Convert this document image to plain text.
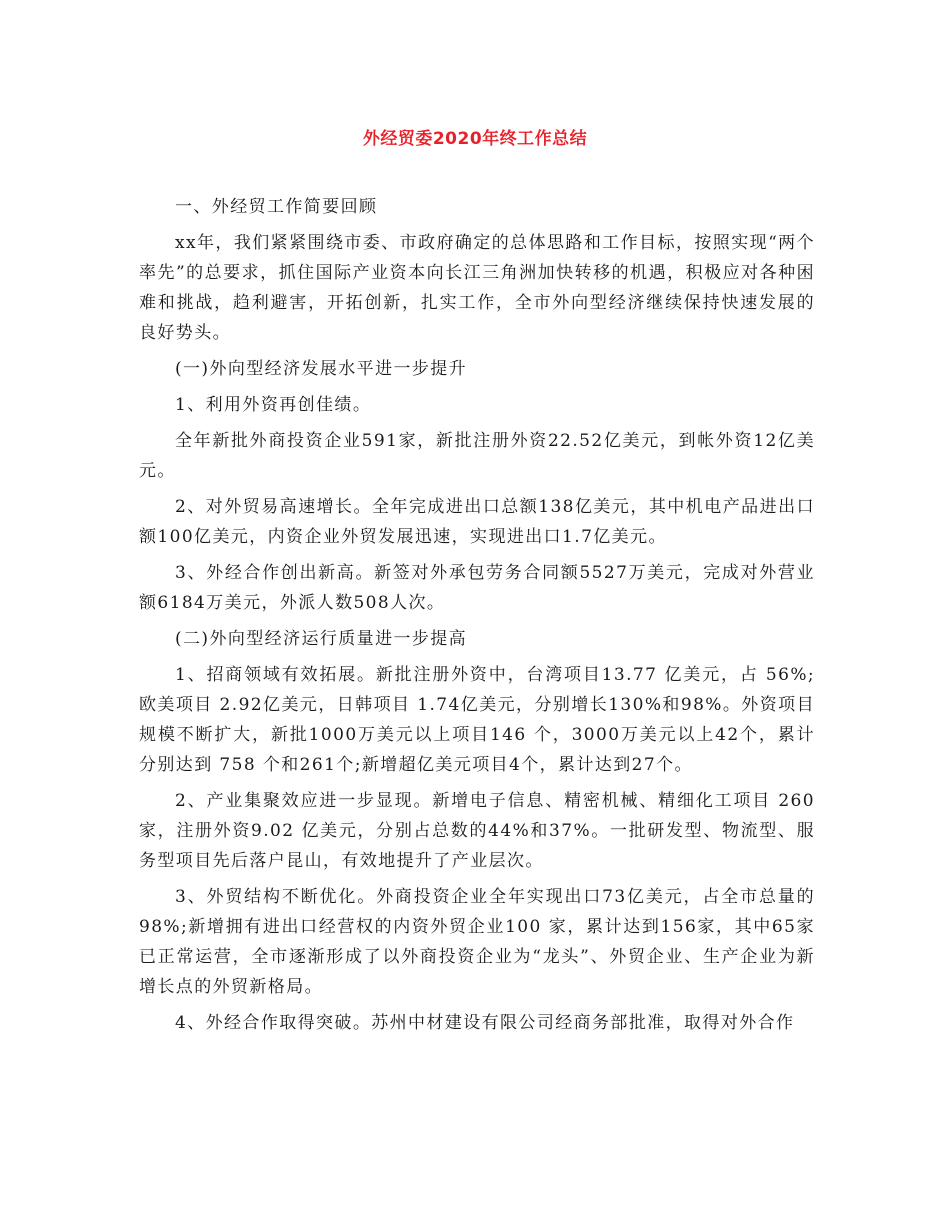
外经贸委2020年终工作总结

一、外经贸工作简要回顾

xx年，我们紧紧围绕市委、市政府确定的总体思路和工作目标，按照实现“两个率先”的总要求，抓住国际产业资本向长江三角洲加快转移的机遇，积极应对各种困难和挑战，趋利避害，开拓创新，扎实工作，全市外向型经济继续保持快速发展的良好势头。

(一)外向型经济发展水平进一步提升

1、利用外资再创佳绩。

全年新批外商投资企业591家，新批注册外资22.52亿美元，到帐外资12亿美元。

2、对外贸易高速增长。全年完成进出口总额138亿美元，其中机电产品进出口额100亿美元，内资企业外贸发展迅速，实现进出口1.7亿美元。

3、外经合作创出新高。新签对外承包劳务合同额5527万美元，完成对外营业额6184万美元，外派人数508人次。

(二)外向型经济运行质量进一步提高

1、招商领域有效拓展。新批注册外资中，台湾项目13.77 亿美元，占 56%;欧美项目 2.92亿美元，日韩项目 1.74亿美元，分别增长130%和98%。外资项目规模不断扩大，新批1000万美元以上项目146 个，3000万美元以上42个，累计分别达到 758 个和261个;新增超亿美元项目4个，累计达到27个。

2、产业集聚效应进一步显现。新增电子信息、精密机械、精细化工项目 260家，注册外资9.02 亿美元，分别占总数的44%和37%。一批研发型、物流型、服务型项目先后落户昆山，有效地提升了产业层次。

3、外贸结构不断优化。外商投资企业全年实现出口73亿美元，占全市总量的98%;新增拥有进出口经营权的内资外贸企业100 家，累计达到156家，其中65家已正常运营，全市逐渐形成了以外商投资企业为“龙头”、外贸企业、生产企业为新增长点的外贸新格局。

4、外经合作取得突破。苏州中材建设有限公司经商务部批准，取得对外合作
